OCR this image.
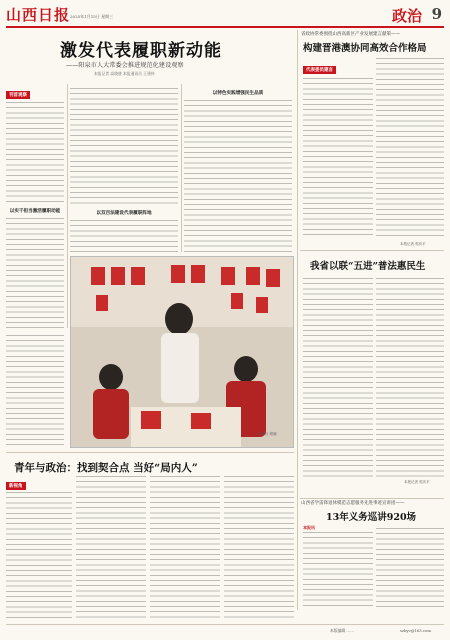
山西日报 2025年1月15日 星期三	政治 9
激发代表履职新动能
——阳泉市人大常委会推进规范化建设观察
本报记者 高晓唐 本报通讯员 王建伟
刊首观察
以实干担当激活履职动能	以双百法建设代表履职阵地
以特色实践增强民生品质
新华社 程晓
省政协常委围绕山西高新区产业发展建言献策——
构建晋港澳协同高效合作格局
代表委员建言
本报记者 郭庆平
我省以联“五进”普法惠民生
本报记者 郭庆平
山西省学雷锋退休模范志愿服务先进事迹宣讲团——
13年义务巡讲920场
本报讯
青年与政治：找到契合点 当好“局内人”
新视角
本版编辑 ……	szbyv@163.com
